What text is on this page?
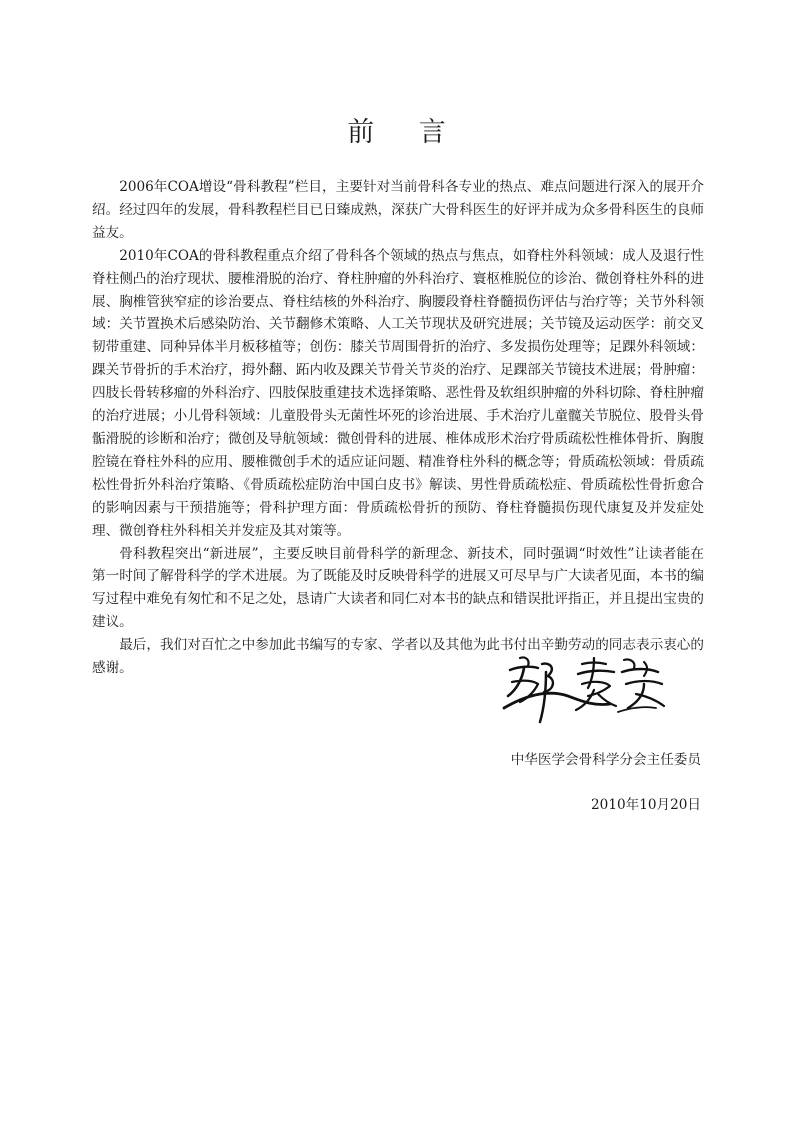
前 言

2006年COA增设“骨科教程”栏目，主要针对当前骨科各专业的热点、难点问题进行深入的展开介绍。经过四年的发展，骨科教程栏目已日臻成熟，深获广大骨科医生的好评并成为众多骨科医生的良师益友。

2010年COA的骨科教程重点介绍了骨科各个领域的热点与焦点，如脊柱外科领域：成人及退行性脊柱侧凸的治疗现状、腰椎滑脱的治疗、脊柱肿瘤的外科治疗、寰枢椎脱位的诊治、微创脊柱外科的进展、胸椎管狭窄症的诊治要点、脊柱结核的外科治疗、胸腰段脊柱脊髓损伤评估与治疗等；关节外科领域：关节置换术后感染防治、关节翻修术策略、人工关节现状及研究进展；关节镜及运动医学：前交叉韧带重建、同种异体半月板移植等；创伤：膝关节周围骨折的治疗、多发损伤处理等；足踝外科领域：踝关节骨折的手术治疗，拇外翻、跖内收及踝关节骨关节炎的治疗、足踝部关节镜技术进展；骨肿瘤：四肢长骨转移瘤的外科治疗、四肢保肢重建技术选择策略、恶性骨及软组织肿瘤的外科切除、脊柱肿瘤的治疗进展；小儿骨科领域：儿童股骨头无菌性坏死的诊治进展、手术治疗儿童髋关节脱位、股骨头骨骺滑脱的诊断和治疗；微创及导航领域：微创骨科的进展、椎体成形术治疗骨质疏松性椎体骨折、胸腹腔镜在脊柱外科的应用、腰椎微创手术的适应证问题、精准脊柱外科的概念等；骨质疏松领域：骨质疏松性骨折外科治疗策略、《骨质疏松症防治中国白皮书》解读、男性骨质疏松症、骨质疏松性骨折愈合的影响因素与干预措施等；骨科护理方面：骨质疏松骨折的预防、脊柱脊髓损伤现代康复及并发症处理、微创脊柱外科相关并发症及其对策等。

骨科教程突出“新进展”，主要反映目前骨科学的新理念、新技术，同时强调“时效性”让读者能在第一时间了解骨科学的学术进展。为了既能及时反映骨科学的进展又可尽早与广大读者见面，本书的编写过程中难免有匆忙和不足之处，恳请广大读者和同仁对本书的缺点和错误批评指正，并且提出宝贵的建议。

最后，我们对百忙之中参加此书编写的专家、学者以及其他为此书付出辛勤劳动的同志表示衷心的感谢。

中华医学会骨科学分会主任委员
2010年10月20日
